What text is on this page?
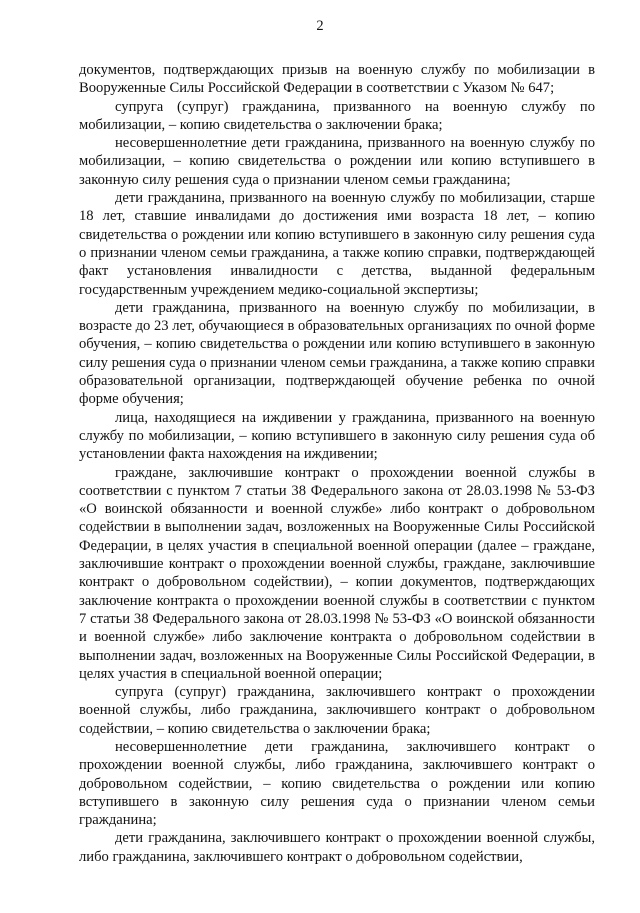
2

документов, подтверждающих призыв на военную службу по мобилизации в Вооруженные Силы Российской Федерации в соответствии с Указом № 647;

супруга (супруг) гражданина, призванного на военную службу по мобилизации, – копию свидетельства о заключении брака;

несовершеннолетние дети гражданина, призванного на военную службу по мобилизации, – копию свидетельства о рождении или копию вступившего в законную силу решения суда о признании членом семьи гражданина;

дети гражданина, призванного на военную службу по мобилизации, старше 18 лет, ставшие инвалидами до достижения ими возраста 18 лет, – копию свидетельства о рождении или копию вступившего в законную силу решения суда о признании членом семьи гражданина, а также копию справки, подтверждающей факт установления инвалидности с детства, выданной федеральным государственным учреждением медико-социальной экспертизы;

дети гражданина, призванного на военную службу по мобилизации, в возрасте до 23 лет, обучающиеся в образовательных организациях по очной форме обучения, – копию свидетельства о рождении или копию вступившего в законную силу решения суда о признании членом семьи гражданина, а также копию справки образовательной организации, подтверждающей обучение ребенка по очной форме обучения;

лица, находящиеся на иждивении у гражданина, призванного на военную службу по мобилизации, – копию вступившего в законную силу решения суда об установлении факта нахождения на иждивении;

граждане, заключившие контракт о прохождении военной службы в соответствии с пунктом 7 статьи 38 Федерального закона от 28.03.1998 № 53-ФЗ «О воинской обязанности и военной службе» либо контракт о добровольном содействии в выполнении задач, возложенных на Вооруженные Силы Российской Федерации, в целях участия в специальной военной операции (далее – граждане, заключившие контракт о прохождении военной службы, граждане, заключившие контракт о добровольном содействии), – копии документов, подтверждающих заключение контракта о прохождении военной службы в соответствии с пунктом 7 статьи 38 Федерального закона от 28.03.1998 № 53-ФЗ «О воинской обязанности и военной службе» либо заключение контракта о добровольном содействии в выполнении задач, возложенных на Вооруженные Силы Российской Федерации, в целях участия в специальной военной операции;

супруга (супруг) гражданина, заключившего контракт о прохождении военной службы, либо гражданина, заключившего контракт о добровольном содействии, – копию свидетельства о заключении брака;

несовершеннолетние дети гражданина, заключившего контракт о прохождении военной службы, либо гражданина, заключившего контракт о добровольном содействии, – копию свидетельства о рождении или копию вступившего в законную силу решения суда о признании членом семьи гражданина;

дети гражданина, заключившего контракт о прохождении военной службы, либо гражданина, заключившего контракт о добровольном содействии,
